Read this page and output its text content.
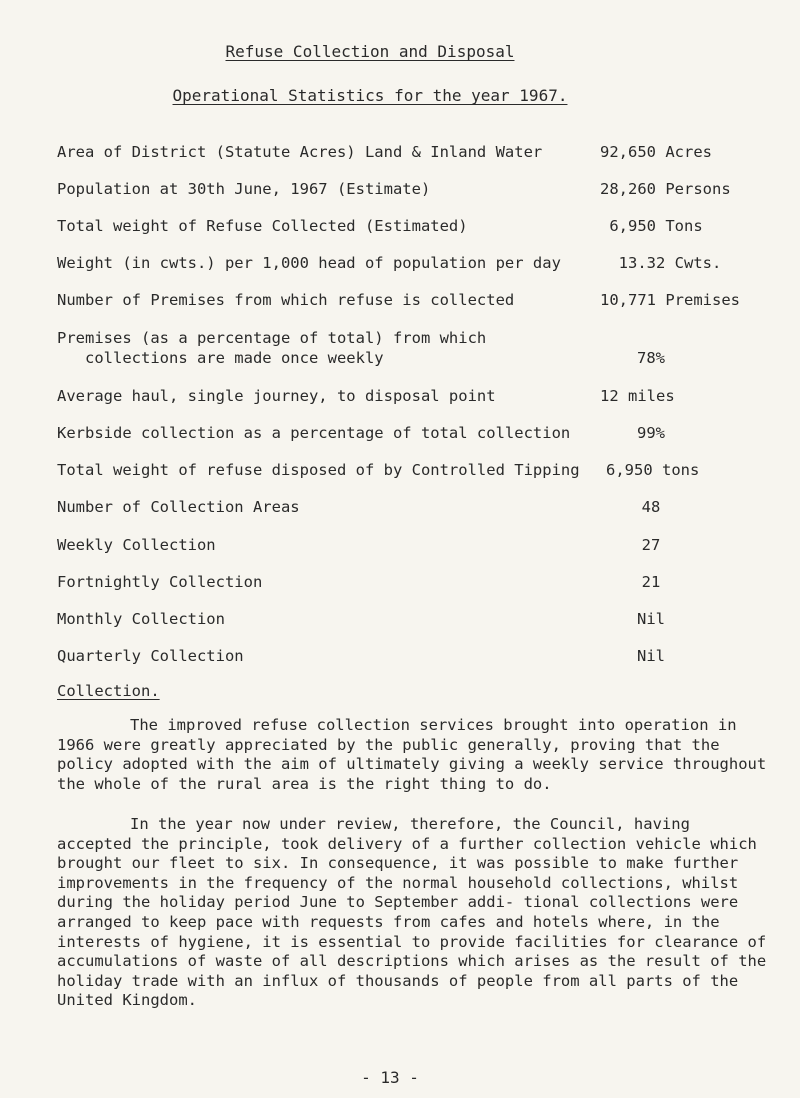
Refuse Collection and Disposal
Operational Statistics for the year 1967.
Area of District (Statute Acres) Land & Inland Water	92,650 Acres
Population at 30th June, 1967 (Estimate)	28,260 Persons
Total weight of Refuse Collected (Estimated)	6,950 Tons
Weight (in cwts.) per 1,000 head of population per day	13.32 Cwts.
Number of Premises from which refuse is collected	10,771 Premises
Premises (as a percentage of total) from which
collections are made once weekly	78%
Average haul, single journey, to disposal point	12 miles
Kerbside collection as a percentage of total collection	99%
Total weight of refuse disposed of by Controlled Tipping	6,950 tons
Number of Collection Areas	48
Weekly Collection	27
Fortnightly Collection	21
Monthly Collection	Nil
Quarterly Collection	Nil
Collection.

The improved refuse collection services brought into operation in 1966 were greatly appreciated by the public generally, proving that the policy adopted with the aim of ultimately giving a weekly service throughout the whole of the rural area is the right thing to do.

In the year now under review, therefore, the Council, having accepted the principle, took delivery of a further collection vehicle which brought our fleet to six. In consequence, it was possible to make further improvements in the frequency of the normal household collections, whilst during the holiday period June to September addi- tional collections were arranged to keep pace with requests from cafes and hotels where, in the interests of hygiene, it is essential to provide facilities for clearance of accumulations of waste of all descriptions which arises as the result of the holiday trade with an influx of thousands of people from all parts of the United Kingdom.

- 13 -
